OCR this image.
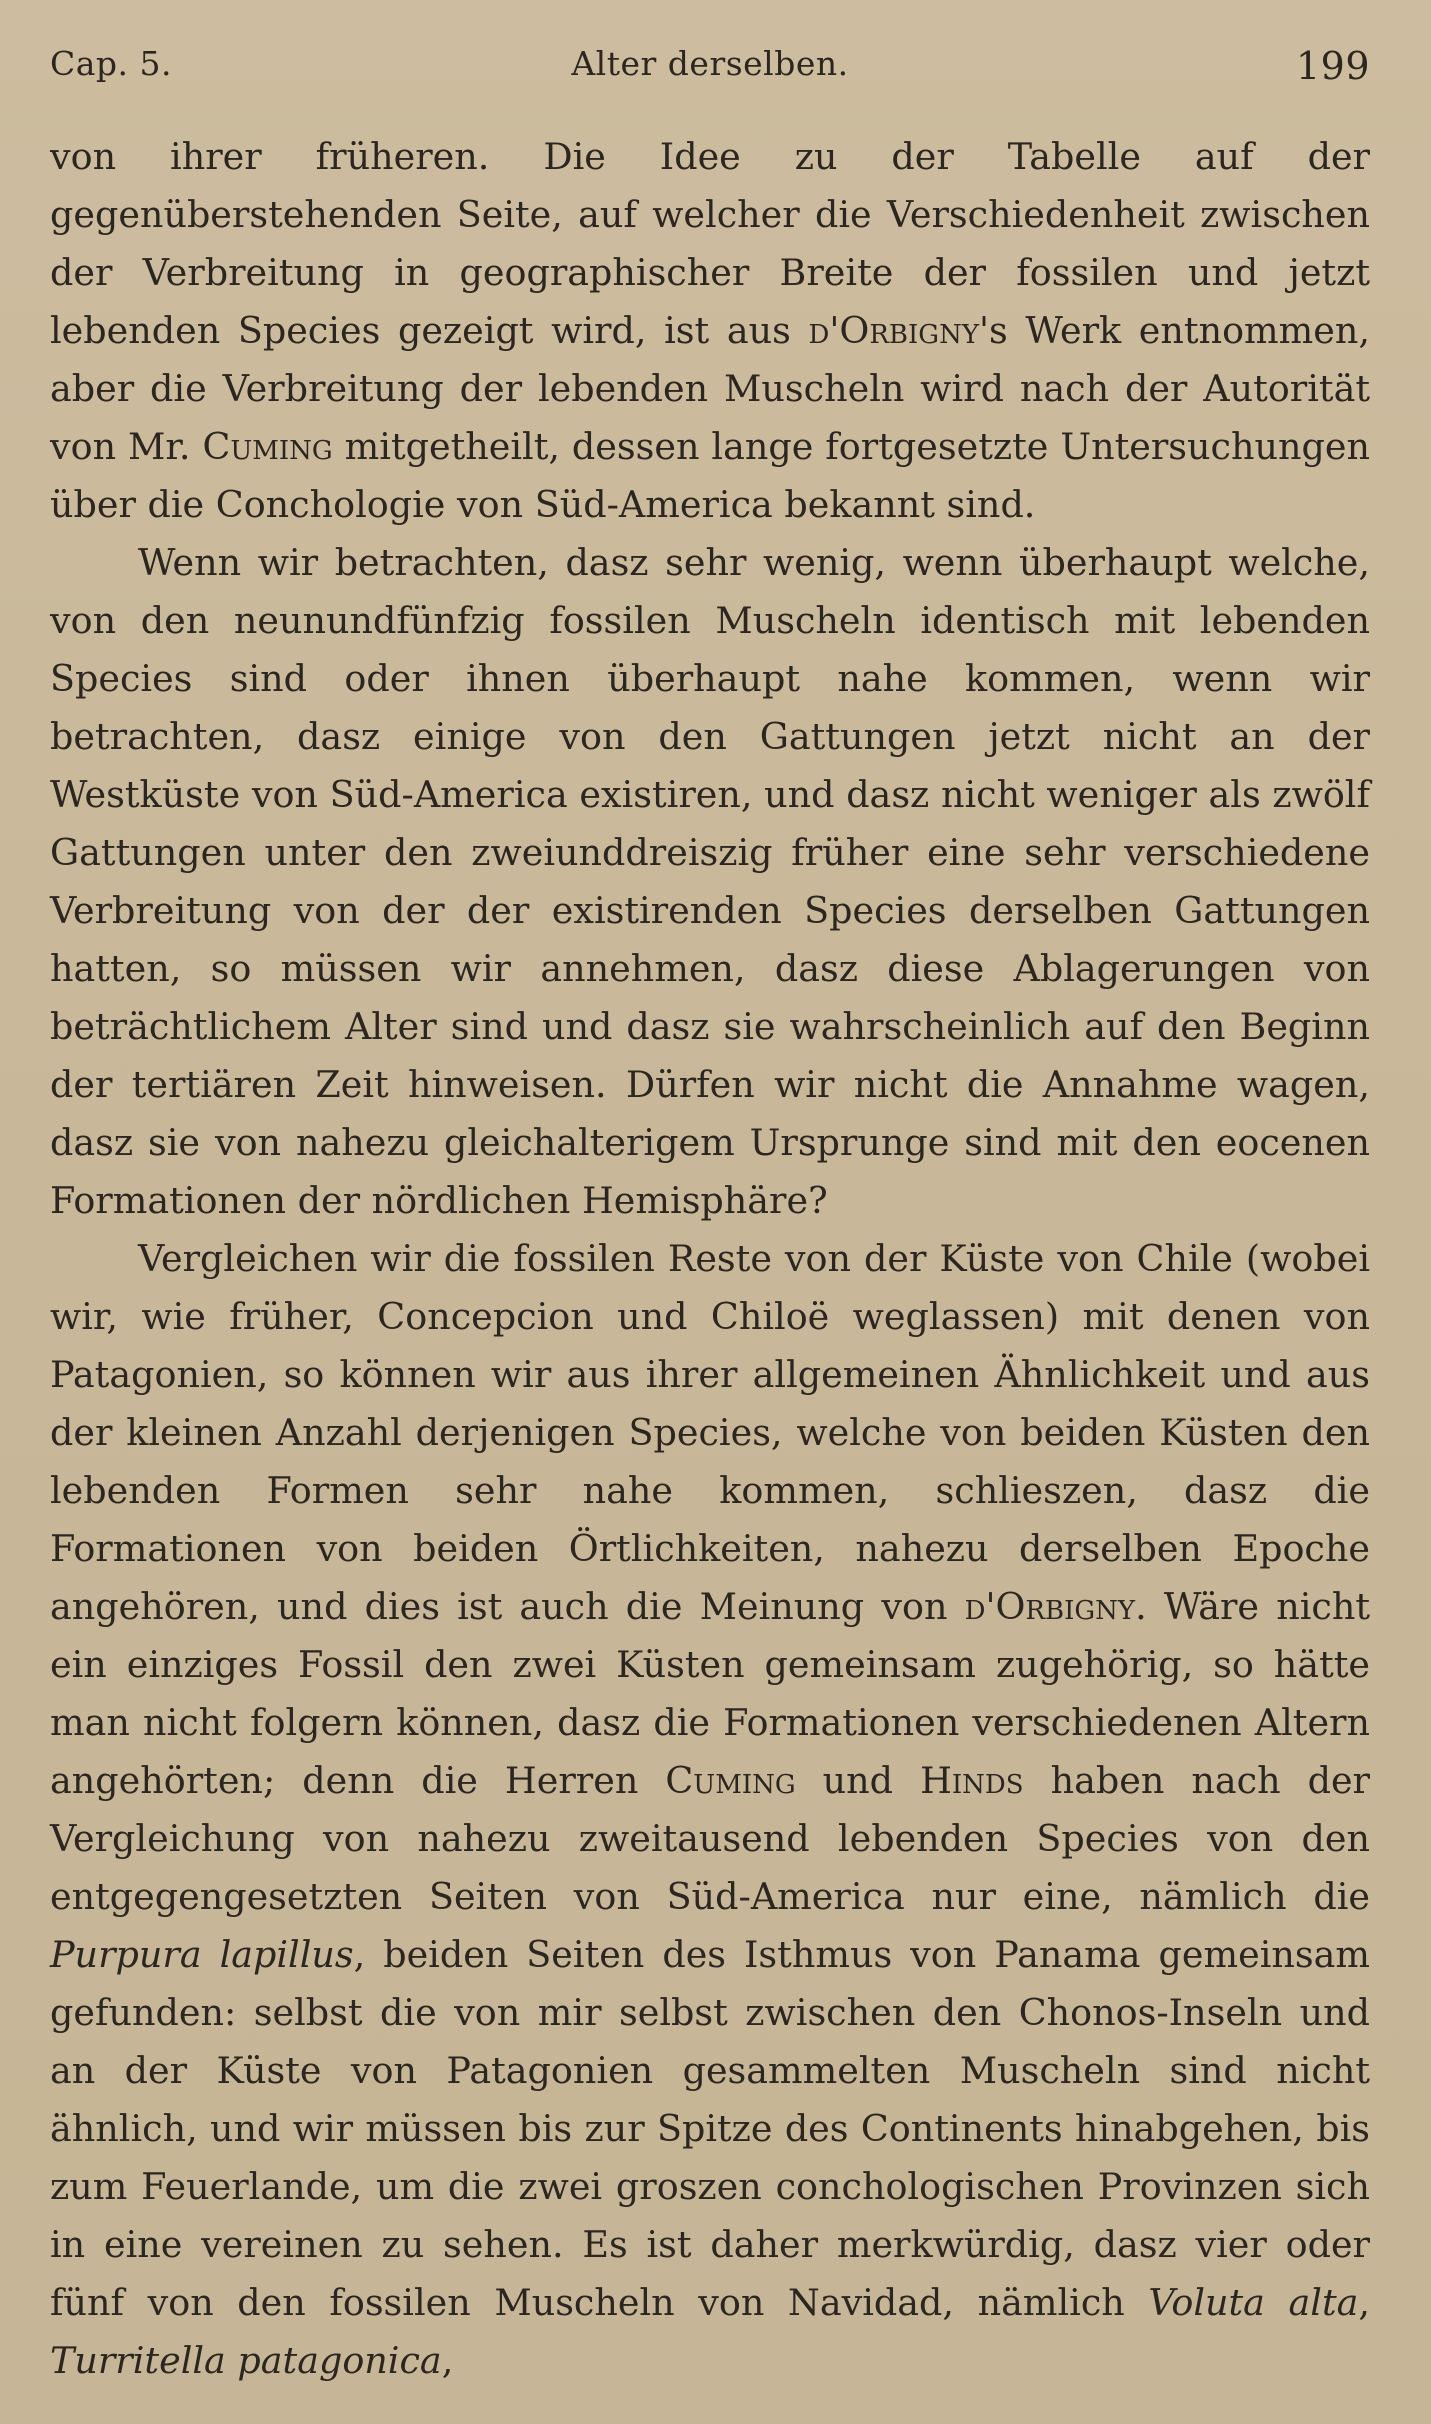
Cap. 5.	Alter derselben.	199

von ihrer früheren. Die Idee zu der Tabelle auf der gegenüberstehenden Seite, auf welcher die Verschiedenheit zwischen der Verbreitung in geographischer Breite der fossilen und jetzt lebenden Species gezeigt wird, ist aus d'Orbigny's Werk entnommen, aber die Verbreitung der lebenden Muscheln wird nach der Autorität von Mr. Cuming mitgetheilt, dessen lange fortgesetzte Untersuchungen über die Conchologie von Süd-America bekannt sind.

Wenn wir betrachten, dasz sehr wenig, wenn überhaupt welche, von den neunundfünfzig fossilen Muscheln identisch mit lebenden Species sind oder ihnen überhaupt nahe kommen, wenn wir betrachten, dasz einige von den Gattungen jetzt nicht an der Westküste von Süd-America existiren, und dasz nicht weniger als zwölf Gattungen unter den zweiunddreiszig früher eine sehr verschiedene Verbreitung von der der existirenden Species derselben Gattungen hatten, so müssen wir annehmen, dasz diese Ablagerungen von beträchtlichem Alter sind und dasz sie wahrscheinlich auf den Beginn der tertiären Zeit hinweisen. Dürfen wir nicht die Annahme wagen, dasz sie von nahezu gleichalterigem Ursprunge sind mit den eocenen Formationen der nördlichen Hemisphäre?

Vergleichen wir die fossilen Reste von der Küste von Chile (wobei wir, wie früher, Concepcion und Chiloë weglassen) mit denen von Patagonien, so können wir aus ihrer allgemeinen Ähnlichkeit und aus der kleinen Anzahl derjenigen Species, welche von beiden Küsten den lebenden Formen sehr nahe kommen, schlieszen, dasz die Formationen von beiden Örtlichkeiten, nahezu derselben Epoche angehören, und dies ist auch die Meinung von d'Orbigny. Wäre nicht ein einziges Fossil den zwei Küsten gemeinsam zugehörig, so hätte man nicht folgern können, dasz die Formationen verschiedenen Altern angehörten; denn die Herren Cuming und Hinds haben nach der Vergleichung von nahezu zweitausend lebenden Species von den entgegengesetzten Seiten von Süd-America nur eine, nämlich die Purpura lapillus, beiden Seiten des Isthmus von Panama gemeinsam gefunden: selbst die von mir selbst zwischen den Chonos-Inseln und an der Küste von Patagonien gesammelten Muscheln sind nicht ähnlich, und wir müssen bis zur Spitze des Continents hinabgehen, bis zum Feuerlande, um die zwei groszen conchologischen Provinzen sich in eine vereinen zu sehen. Es ist daher merkwürdig, dasz vier oder fünf von den fossilen Muscheln von Navidad, nämlich Voluta alta, Turritella patagonica,
